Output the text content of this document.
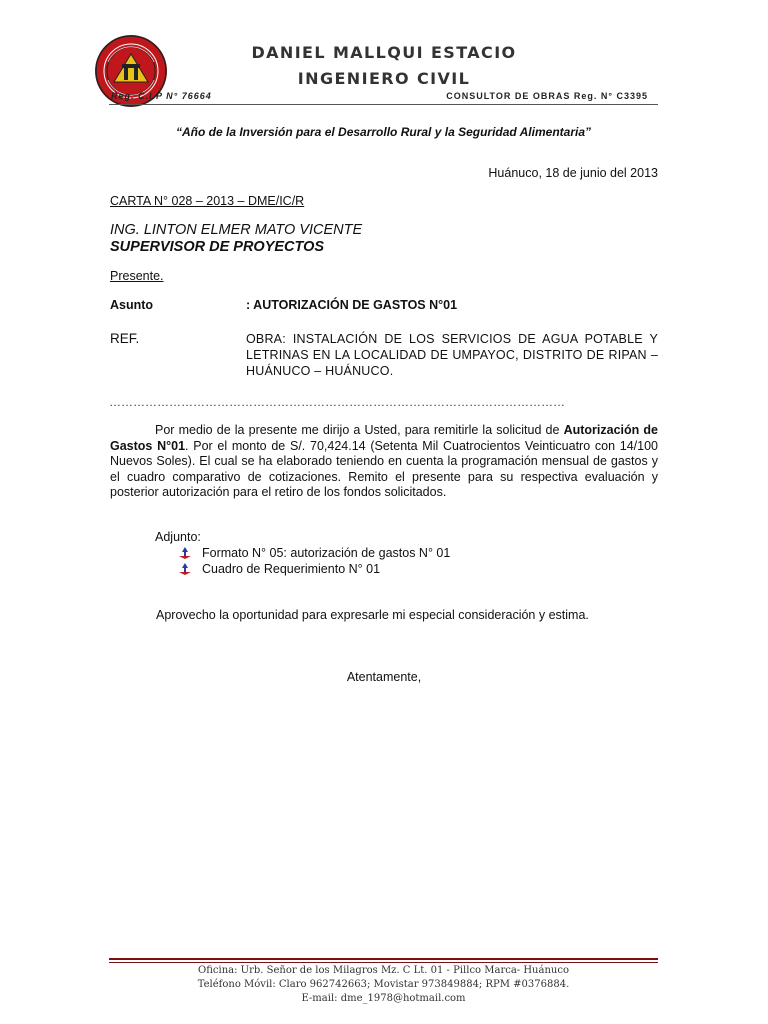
DANIEL MALLQUI ESTACIO
INGENIERO CIVIL
Reg. C.I.P N° 76664	CONSULTOR DE OBRAS Reg. N° C3395
“Año de la Inversión para el Desarrollo Rural y la Seguridad Alimentaria”
Huánuco, 18 de junio del 2013
CARTA N° 028 – 2013 – DME/IC/R
ING. LINTON ELMER MATO VICENTE
SUPERVISOR DE PROYECTOS
Presente.
Asunto	: AUTORIZACIÓN DE GASTOS N°01
REF.	OBRA: INSTALACIÓN DE LOS SERVICIOS DE AGUA POTABLE Y LETRINAS EN LA LOCALIDAD DE UMPAYOC, DISTRITO DE RIPAN – HUÁNUCO – HUÁNUCO.
……………………………………………………………………………………………………
Por medio de la presente me dirijo a Usted, para remitirle la solicitud de Autorización de Gastos N°01. Por el monto de S/. 70,424.14 (Setenta Mil Cuatrocientos Veinticuatro con 14/100 Nuevos Soles). El cual se ha elaborado teniendo en cuenta la programación mensual de gastos y el cuadro comparativo de cotizaciones. Remito el presente para su respectiva evaluación y posterior autorización para el retiro de los fondos solicitados.
Adjunto:
Formato N° 05: autorización de gastos N° 01
Cuadro de Requerimiento N° 01
Aprovecho la oportunidad para expresarle mi especial consideración y estima.
Atentamente,
Oficina: Urb. Señor de los Milagros Mz. C Lt. 01 - Pillco Marca- Huánuco
Teléfono Móvil: Claro 962742663; Movistar 973849884; RPM #0376884.
E-mail: dme_1978@hotmail.com
